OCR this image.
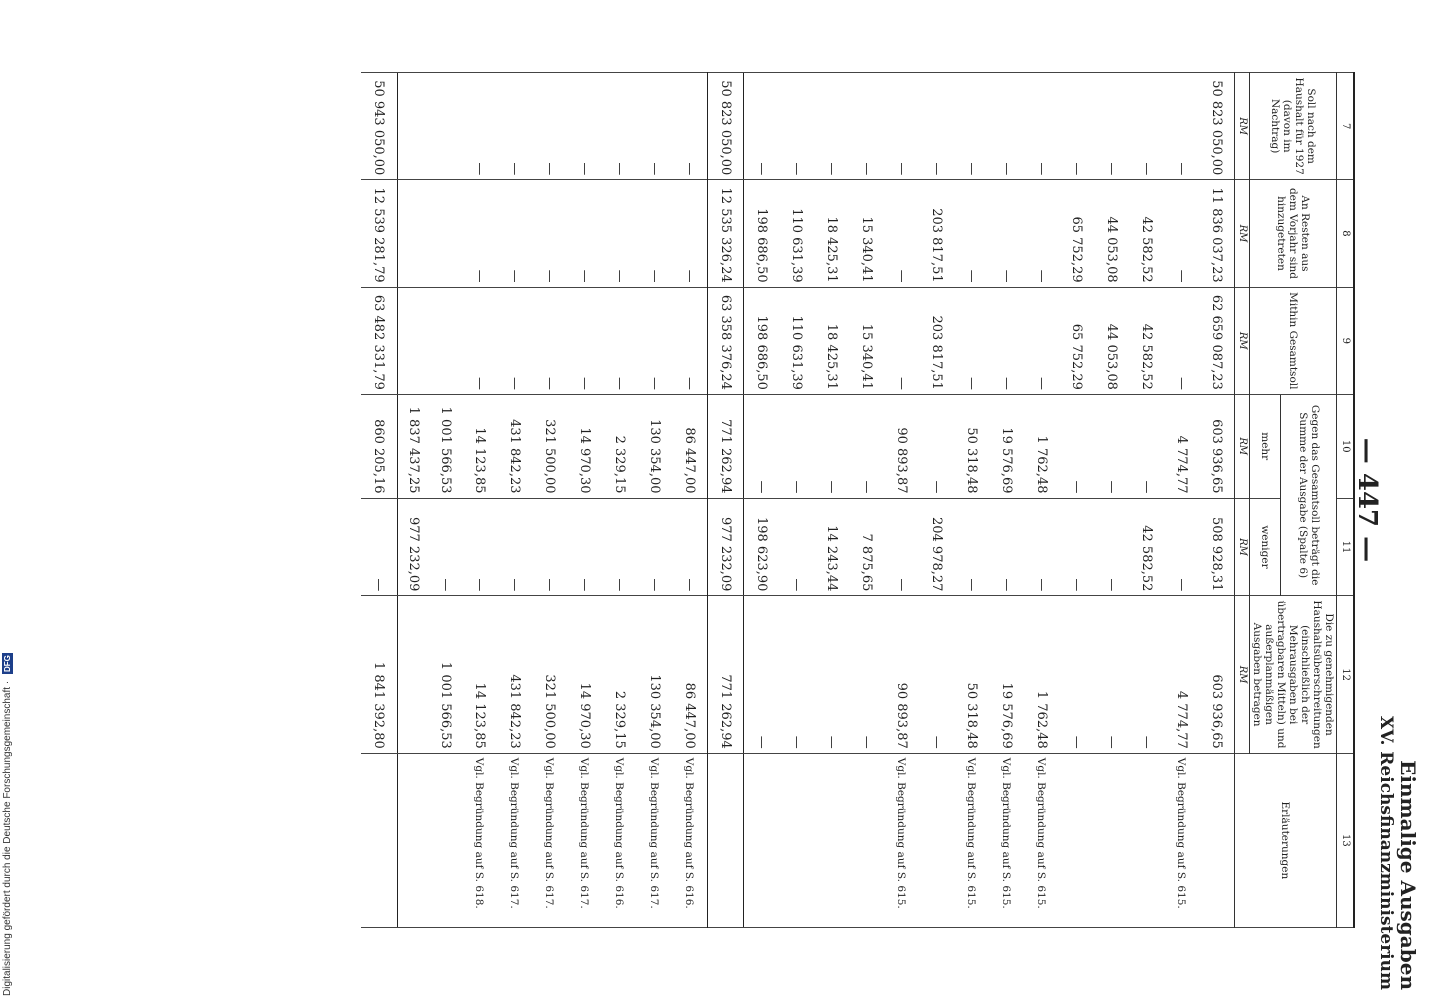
Digitalisierung gefördert durch die Deutsche Forschungsgemeinschaft · DFG
— 447 —
Einmalige Ausgaben
XV. Reichsfinanzministerium
7	8	9	10	11	12	13
Soll nach dem Haushalt für 1927 (davon im Nachtrag)	An Resten aus dem Vorjahr sind hinzugetreten	Mithin Gesamtsoll	Gegen das Gesamtsoll beträgt die Summe der Ausgabe (Spalte 6)		Die zu genehmigenden Haushaltsüberschreitungen (einschließlich der Mehrausgaben bei übertragbaren Mitteln) und außerplanmäßigen Ausgaben betragen	Erläuterungen
			mehr	weniger		
RM	RM	RM	RM	RM	RM	
50 823 050,00	11 836 037,23	62 659 087,23	603 936,65	508 928,31	603 936,65	
—	—	—	4 774,77	—	4 774,77	Vgl. Begründung auf S. 615.
—	42 582,52	42 582,52	—	42 582,52	—	
—	44 053,08	44 053,08	—	—	—	
—	65 752,29	65 752,29	—	—	—	
—	—	—	1 762,48	—	1 762,48	Vgl. Begründung auf S. 615.
—	—	—	19 576,69	—	19 576,69	Vgl. Begründung auf S. 615.
—	—	—	50 318,48	—	50 318,48	Vgl. Begründung auf S. 615.
—	203 817,51	203 817,51	—	204 978,27	—	
—	—	—	90 893,87	—	90 893,87	Vgl. Begründung auf S. 615.
—	15 340,41	15 340,41	—	7 875,65	—	
—	18 425,31	18 425,31	—	14 243,44	—	
—	110 631,39	110 631,39	—	—	—	
—	198 686,50	198 686,50	—	198 623,90	—	
50 823 050,00	12 535 326,24	63 358 376,24	771 262,94	977 232,09	771 262,94	
—	—	—	86 447,00	—	86 447,00	Vgl. Begründung auf S. 616.
—	—	—	130 354,00	—	130 354,00	Vgl. Begründung auf S. 617.
—	—	—	2 329,15	—	2 329,15	Vgl. Begründung auf S. 616.
—	—	—	14 970,30	—	14 970,30	Vgl. Begründung auf S. 617.
—	—	—	321 500,00	—	321 500,00	Vgl. Begründung auf S. 617.
—	—	—	431 842,23	—	431 842,23	Vgl. Begründung auf S. 617.
—	—	—	14 123,85	—	14 123,85	Vgl. Begründung auf S. 618.
			1 001 566,53	—	1 001 566,53	
			1 837 437,25	977 232,09		
50 943 050,00	12 539 281,79	63 482 331,79	860 205,16	—	1 841 392,80	
